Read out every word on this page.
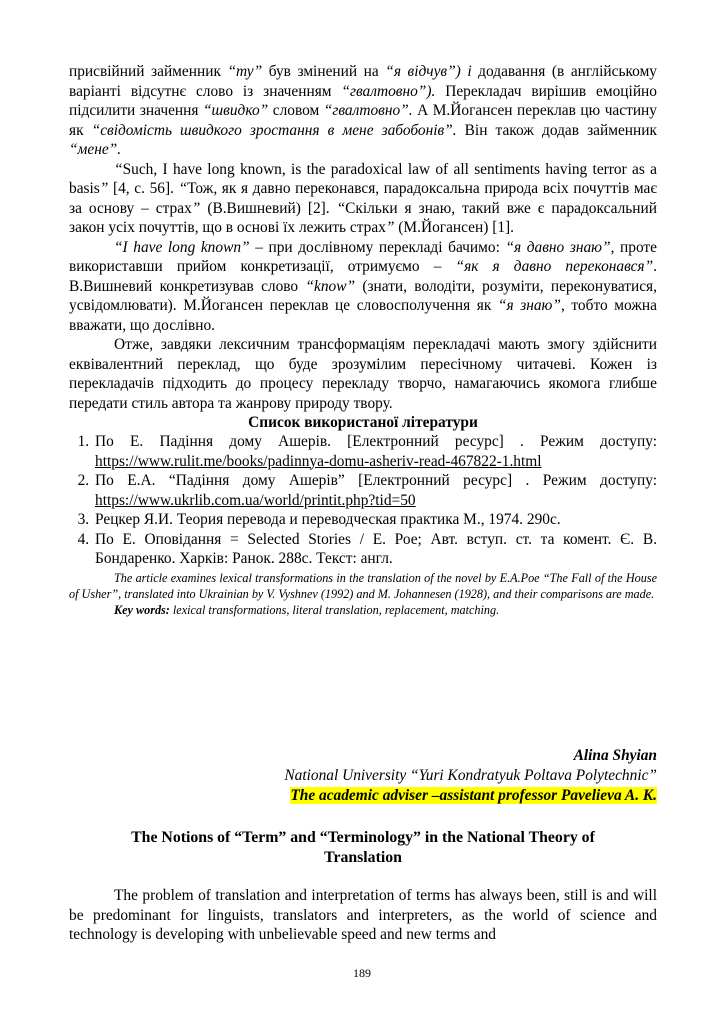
присвійний займенник “ту” був змінений на “я відчув”) і додавання (в англійському варіанті відсутнє слово із значенням “гвалтовно”). Перекладач вирішив емоційно підсилити значення “швидко” словом “гвалтовно”. А М.Йогансен переклав цю частину як “свідомість швидкого зростання в мене забобонів”. Він також додав займенник “мене”.

“Such, I have long known, is the paradoxical law of all sentiments having terror as a basis” [4, с. 56]. “Тож, як я давно переконався, парадоксальна природа всіх почуттів має за основу – страх” (В.Вишневий) [2]. “Скільки я знаю, такий вже є парадоксальний закон усіх почуттів, що в основі їх лежить страх” (М.Йогансен) [1].

“I have long known” – при дослівному перекладі бачимо: “я давно знаю”, проте використавши прийом конкретизації, отримуємо – “як я давно переконався”. В.Вишневий конкретизував слово “know” (знати, володіти, розуміти, переконуватися, усвідомлювати). М.Йогансен переклав це словосполучення як “я знаю”, тобто можна вважати, що дослівно.

Отже, завдяки лексичним трансформаціям перекладачі мають змогу здійснити еквівалентний переклад, що буде зрозумілим пересічному читачеві. Кожен із перекладачів підходить до процесу перекладу творчо, намагаючись якомога глибше передати стиль автора та жанрову природу твору.

Список використаної літератури
1. По Е. Падіння дому Ашерів. [Електронний ресурс] . Режим доступу: https://www.rulit.me/books/padinnya-domu-asheriv-read-467822-1.html
2. По Е.А. “Падіння дому Ашерів” [Електронний ресурс] . Режим доступу: https://www.ukrlib.com.ua/world/printit.php?tid=50
3. Рецкер Я.И. Теория перевода и переводческая практика М., 1974. 290с.
4. По Е. Оповідання = Selected Stories / Е. Рое; Авт. вступ. ст. та комент. Є. В. Бондаренко. Харків: Ранок. 288с. Текст: англ.

The article examines lexical transformations in the translation of the novel by E.A.Poe “The Fall of the House of Usher”, translated into Ukrainian by V. Vyshnev (1992) and M. Johannesen (1928), and their comparisons are made.

Key words: lexical transformations, literal translation, replacement, matching.

Alina Shyian
National University “Yuri Kondratyuk Poltava Polytechnic”
The academic adviser –assistant professor Pavelieva A. K.
The Notions of “Term” and “Terminology” in the National Theory of
Translation

The problem of translation and interpretation of terms has always been, still is and will be predominant for linguists, translators and interpreters, as the world of science and technology is developing with unbelievable speed and new terms and

189
